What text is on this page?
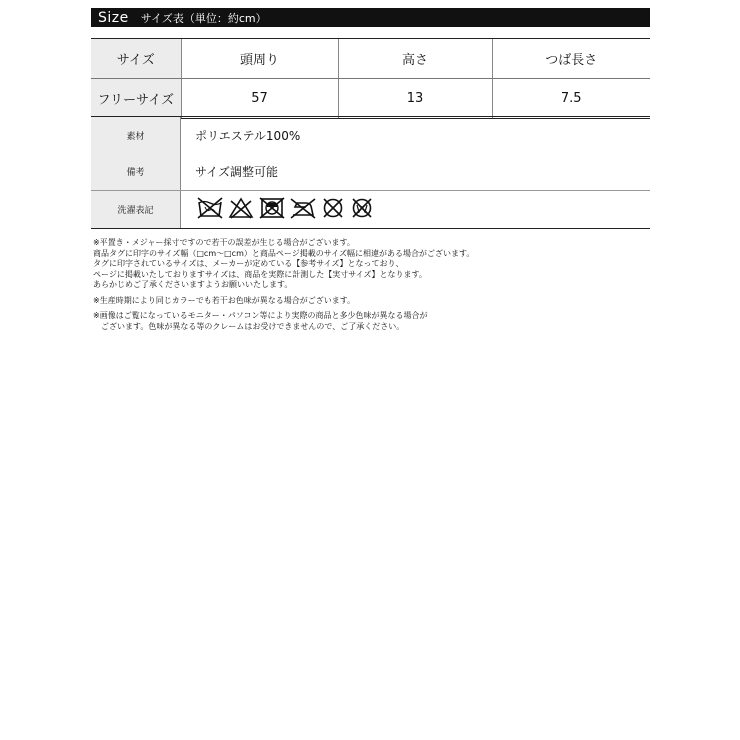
Size サイズ表（単位：約cm）
サイズ	頭周り	高さ	つば長さ
フリーサイズ	57	13	7.5
素材	ポリエステル100%
備考	サイズ調整可能
洗濯表記

※平置き・メジャー採寸ですので若干の誤差が生じる場合がございます。

商品タグに印字のサイズ幅（□cm〜□cm）と商品ページ掲載のサイズ幅に相違がある場合がございます。

タグに印字されているサイズは、メーカーが定めている【参考サイズ】となっており、

ページに掲載いたしておりますサイズは、商品を実際に計測した【実寸サイズ】となります。

あらかじめご了承くださいますようお願いいたします。

※生産時期により同じカラーでも若干お色味が異なる場合がございます。

※画像はご覧になっているモニター・パソコン等により実際の商品と多少色味が異なる場合が

　ございます。色味が異なる等のクレームはお受けできませんので、ご了承ください。
